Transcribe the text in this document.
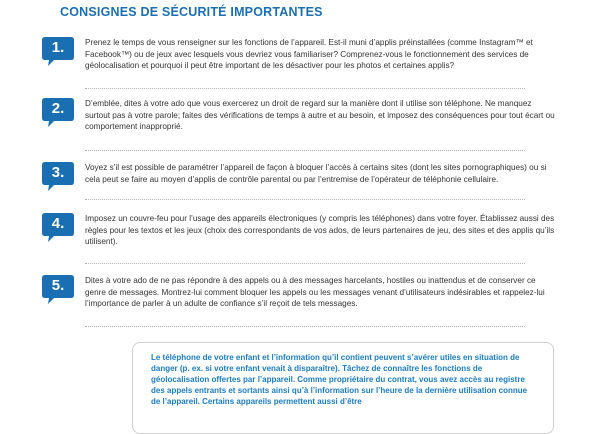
CONSIGNES DE SÉCURITÉ IMPORTANTES
1.	Prenez le temps de vous renseigner sur les fonctions de l’appareil. Est-il muni d’applis préinstallées (comme Instagram™ et Facebook™) ou de jeux avec lesquels vous devriez vous familiariser? Comprenez-vous le fonctionnement des services de géolocalisation et pourquoi il peut être important de les désactiver pour les photos et certaines applis?
2.	D’emblée, dites à votre ado que vous exercerez un droit de regard sur la manière dont il utilise son téléphone. Ne manquez surtout pas à votre parole; faites des vérifications de temps à autre et au besoin, et imposez des conséquences pour tout écart ou comportement inapproprié.
3.	Voyez s’il est possible de paramétrer l’appareil de façon à bloquer l’accès à certains sites (dont les sites pornographiques) ou si cela peut se faire au moyen d’applis de contrôle parental ou par l’entremise de l’opérateur de téléphonie cellulaire.
4.	Imposez un couvre-feu pour l’usage des appareils électroniques (y compris les téléphones) dans votre foyer. Établissez aussi des règles pour les textos et les jeux (choix des correspondants de vos ados, de leurs partenaires de jeu, des sites et des applis qu’ils utilisent).
5.	Dites à votre ado de ne pas répondre à des appels ou à des messages harcelants, hostiles ou inattendus et de conserver ce genre de messages. Montrez-lui comment bloquer les appels ou les messages venant d’utilisateurs indésirables et rappelez-lui l’importance de parler à un adulte de confiance s’il reçoit de tels messages.
Le téléphone de votre enfant et l’information qu’il contient peuvent s’avérer utiles en situation de danger (p. ex. si votre enfant venait à disparaître). Tâchez de connaître les fonctions de géolocalisation offertes par l’appareil. Comme propriétaire du contrat, vous avez accès au registre des appels entrants et sortants ainsi qu’à l’information sur l’heure de la dernière utilisation connue de l’appareil. Certains appareils permettent aussi d’être
